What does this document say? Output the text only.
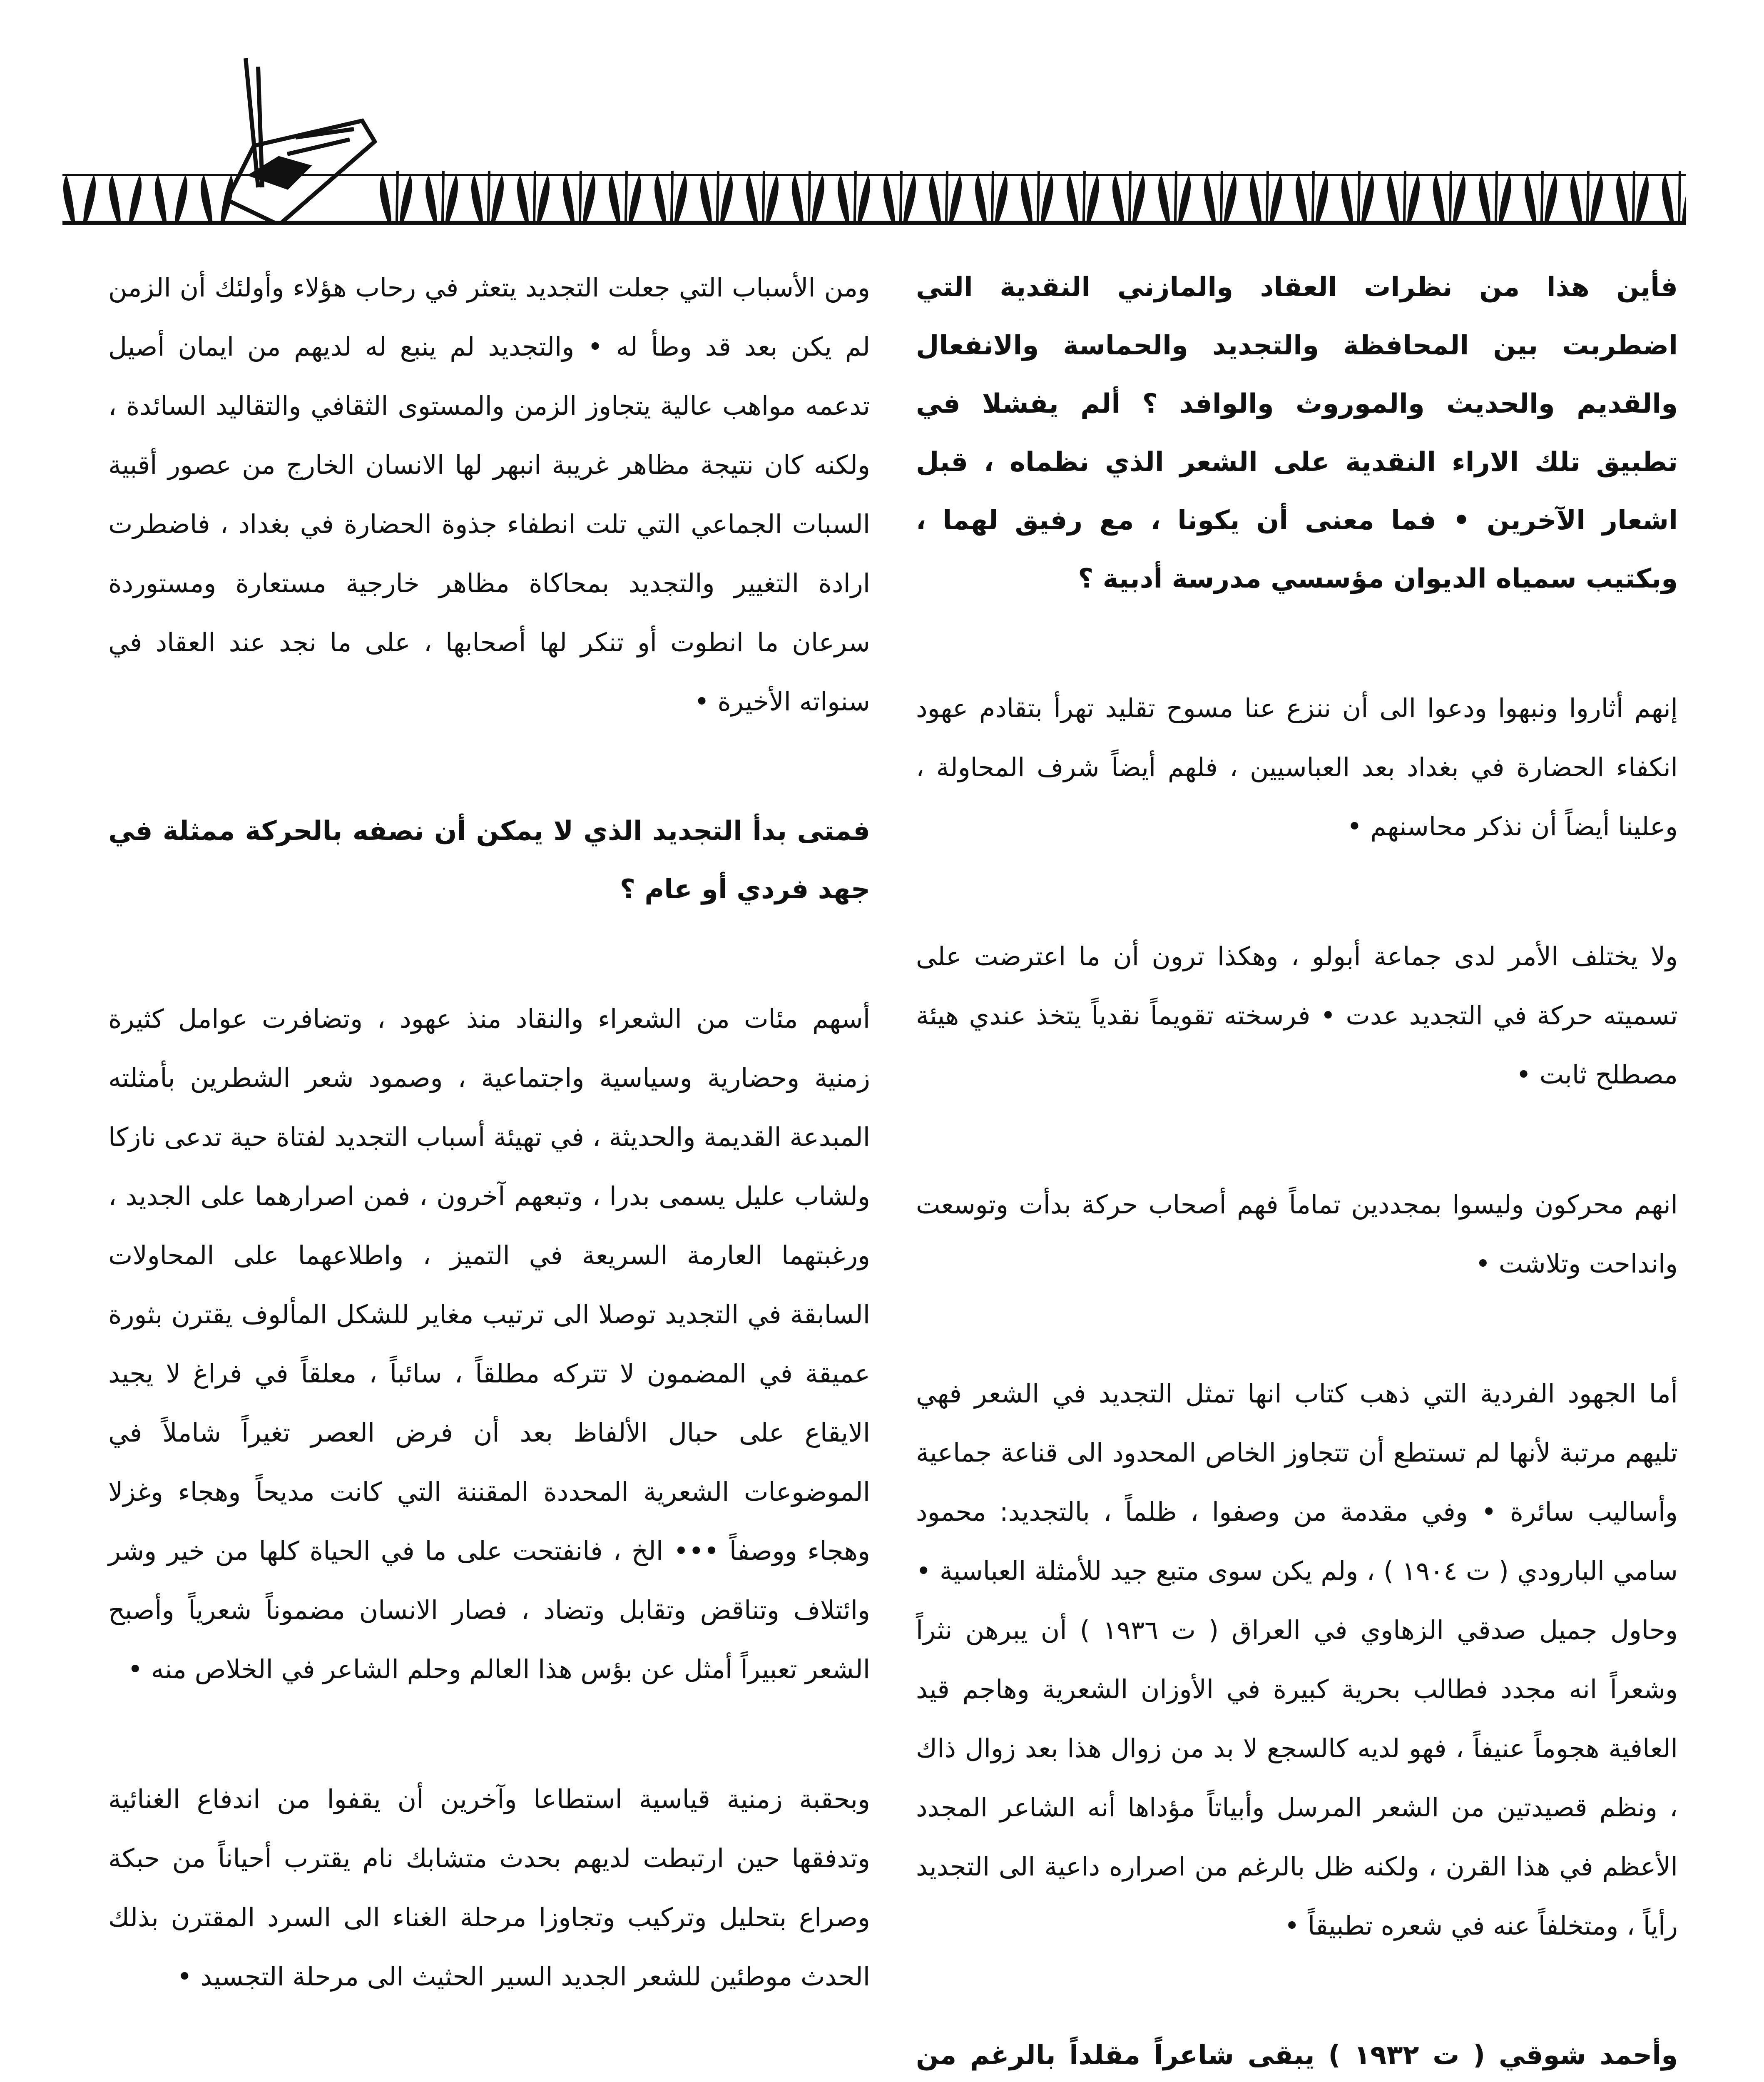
فأين هذا من نظرات العقاد والمازني النقدية التي اضطربت بين المحافظة والتجديد والحماسة والانفعال والقديم والحديث والموروث والوافد ؟ ألم يفشلا في تطبيق تلك الاراء النقدية على الشعر الذي نظماه ، قبل اشعار الآخرين • فما معنى أن يكونا ، مع رفيق لهما ، وبكتيب سمياه الديوان مؤسسي مدرسة أدبية ؟

إنهم أثاروا ونبهوا ودعوا الى أن ننزع عنا مسوح تقليد تهرأ بتقادم عهود انكفاء الحضارة في بغداد بعد العباسيين ، فلهم أيضاً شرف المحاولة ، وعلينا أيضاً أن نذكر محاسنهم •

ولا يختلف الأمر لدى جماعة أبولو ، وهكذا ترون أن ما اعترضت على تسميته حركة في التجديد عدت • فرسخته تقويماً نقدياً يتخذ عندي هيئة مصطلح ثابت •

انهم محركون وليسوا بمجددين تماماً فهم أصحاب حركة بدأت وتوسعت وانداحت وتلاشت •

أما الجهود الفردية التي ذهب كتاب انها تمثل التجديد في الشعر فهي تليهم مرتبة لأنها لم تستطع أن تتجاوز الخاص المحدود الى قناعة جماعية وأساليب سائرة • وفي مقدمة من وصفوا ، ظلماً ، بالتجديد: محمود سامي البارودي ( ت ١٩٠٤ ) ، ولم يكن سوى متبع جيد للأمثلة العباسية • وحاول جميل صدقي الزهاوي في العراق ( ت ١٩٣٦ ) أن يبرهن نثراً وشعراً انه مجدد فطالب بحرية كبيرة في الأوزان الشعرية وهاجم قيد العافية هجوماً عنيفاً ، فهو لديه كالسجع لا بد من زوال هذا بعد زوال ذاك ، ونظم قصيدتين من الشعر المرسل وأبياتاً مؤداها أنه الشاعر المجدد الأعظم في هذا القرن ، ولكنه ظل بالرغم من اصراره داعية الى التجديد رأياً ، ومتخلفاً عنه في شعره تطبيقاً •

وأحمد شوقي ( ت ١٩٣٢ ) يبقى شاعراً مقلداً بالرغم من

ومن الأسباب التي جعلت التجديد يتعثر في رحاب هؤلاء وأولئك أن الزمن لم يكن بعد قد وطأ له • والتجديد لم ينبع له لديهم من ايمان أصيل تدعمه مواهب عالية يتجاوز الزمن والمستوى الثقافي والتقاليد السائدة ، ولكنه كان نتيجة مظاهر غريبة انبهر لها الانسان الخارج من عصور أقبية السبات الجماعي التي تلت انطفاء جذوة الحضارة في بغداد ، فاضطرت ارادة التغيير والتجديد بمحاكاة مظاهر خارجية مستعارة ومستوردة سرعان ما انطوت أو تنكر لها أصحابها ، على ما نجد عند العقاد في سنواته الأخيرة •

فمتى بدأ التجديد الذي لا يمكن أن نصفه بالحركة ممثلة في جهد فردي أو عام ؟

أسهم مئات من الشعراء والنقاد منذ عهود ، وتضافرت عوامل كثيرة زمنية وحضارية وسياسية واجتماعية ، وصمود شعر الشطرين بأمثلته المبدعة القديمة والحديثة ، في تهيئة أسباب التجديد لفتاة حية تدعى نازكا ولشاب عليل يسمى بدرا ، وتبعهم آخرون ، فمن اصرارهما على الجديد ، ورغبتهما العارمة السريعة في التميز ، واطلاعهما على المحاولات السابقة في التجديد توصلا الى ترتيب مغاير للشكل المألوف يقترن بثورة عميقة في المضمون لا تتركه مطلقاً ، سائباً ، معلقاً في فراغ لا يجيد الايقاع على حبال الألفاظ بعد أن فرض العصر تغيراً شاملاً في الموضوعات الشعرية المحددة المقننة التي كانت مديحاً وهجاء وغزلا وهجاء ووصفاً ••• الخ ، فانفتحت على ما في الحياة كلها من خير وشر وائتلاف وتناقض وتقابل وتضاد ، فصار الانسان مضموناً شعرياً وأصبح الشعر تعبيراً أمثل عن بؤس هذا العالم وحلم الشاعر في الخلاص منه •

وبحقبة زمنية قياسية استطاعا وآخرين أن يقفوا من اندفاع الغنائية وتدفقها حين ارتبطت لديهم بحدث متشابك نام يقترب أحياناً من حبكة وصراع بتحليل وتركيب وتجاوزا مرحلة الغناء الى السرد المقترن بذلك الحدث موطئين للشعر الجديد السير الحثيث الى مرحلة التجسيد •
